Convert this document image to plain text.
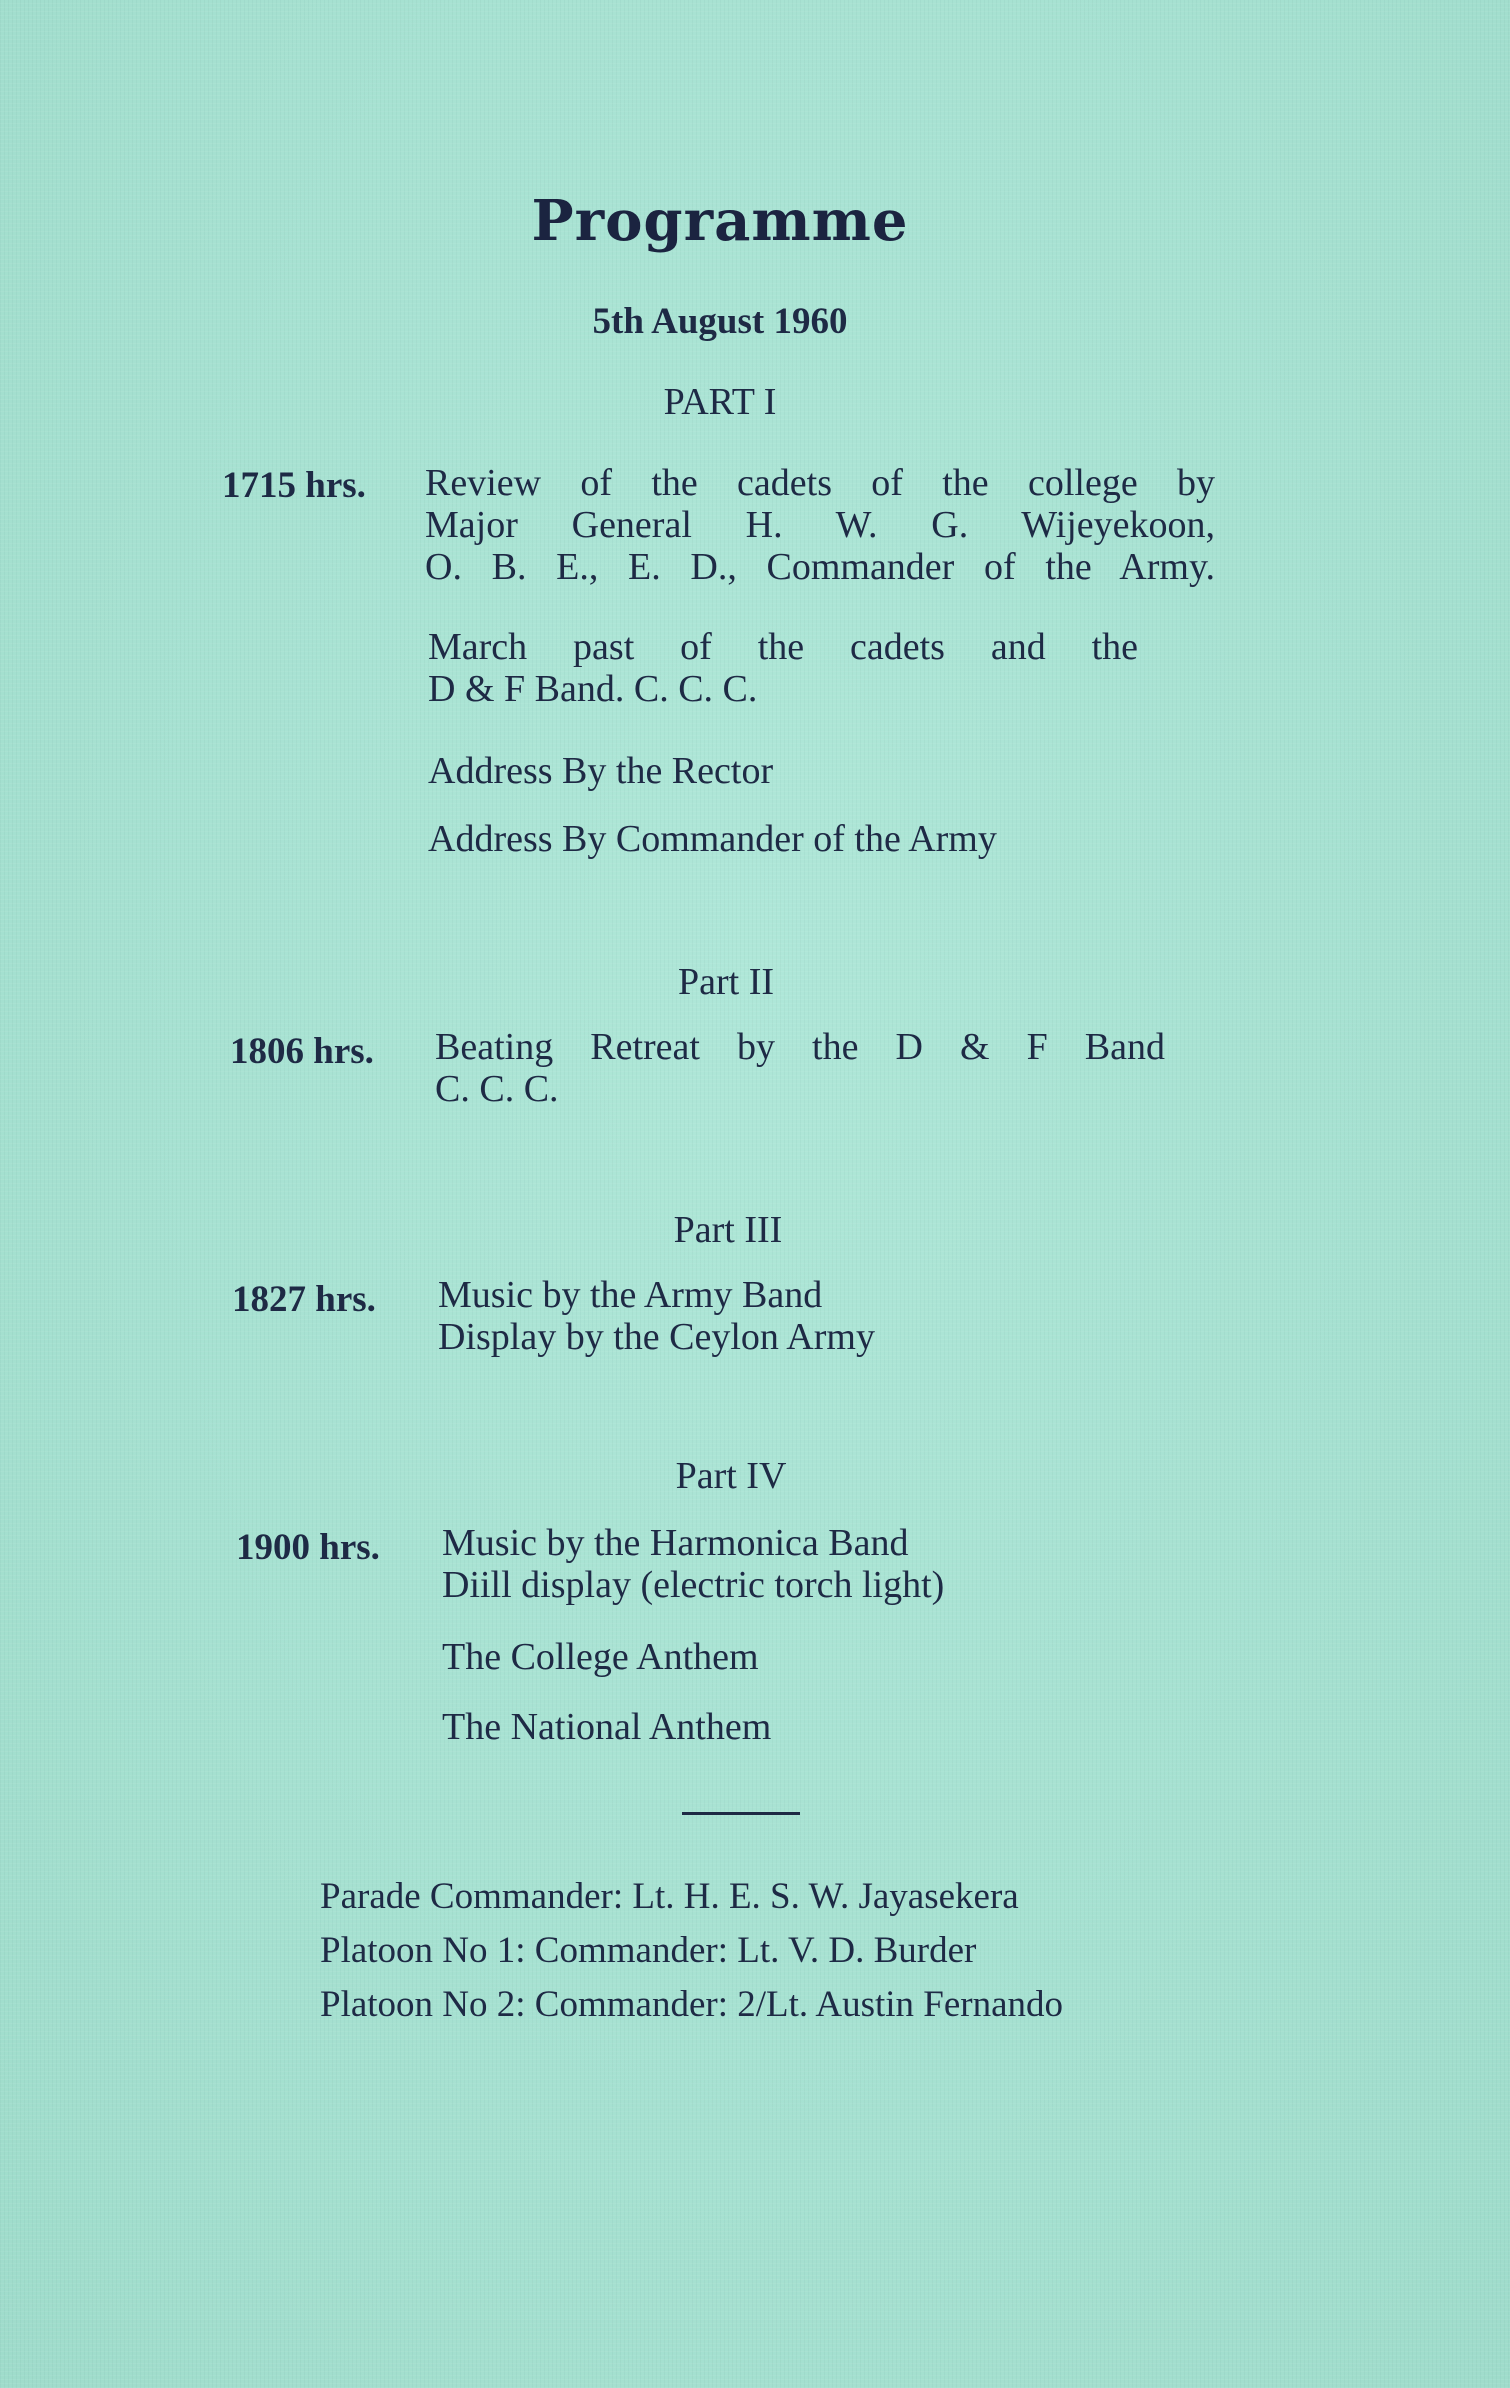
Programme
5th August 1960
PART I
1715 hrs. Review of the cadets of the college by
Major General H. W. G. Wijeyekoon,
O. B. E., E. D., Commander of the Army.
March past of the cadets and the
D & F Band. C. C. C.
Address By the Rector
Address By Commander of the Army
Part II
1806 hrs. Beating Retreat by the D & F Band
C. C. C.
Part III
1827 hrs. Music by the Army Band
Display by the Ceylon Army
Part IV
1900 hrs. Music by the Harmonica Band
Diill display (electric torch light)
The College Anthem
The National Anthem
Parade Commander: Lt. H. E. S. W. Jayasekera
Platoon No 1: Commander: Lt. V. D. Burder
Platoon No 2: Commander: 2/Lt. Austin Fernando
